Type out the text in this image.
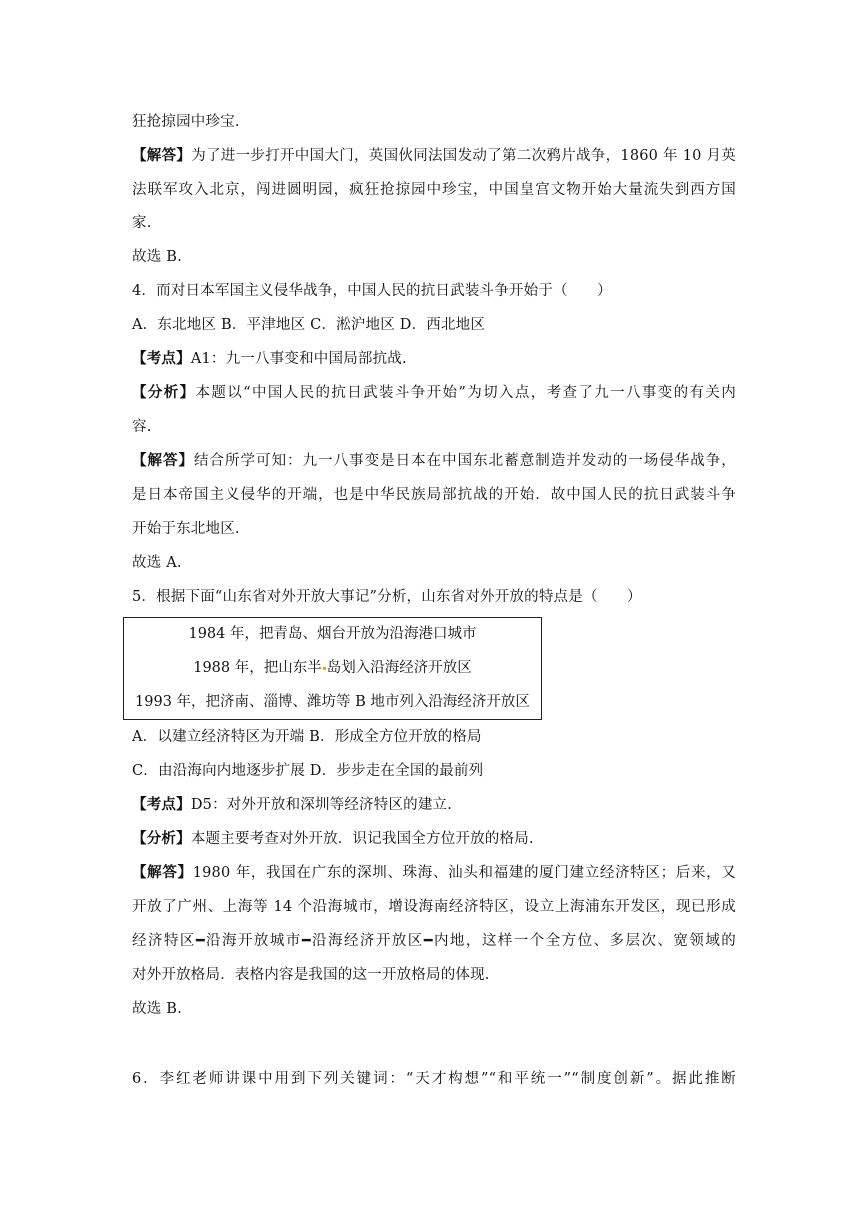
狂抢掠园中珍宝.
【解答】为了进一步打开中国大门，英国伙同法国发动了第二次鸦片战争，1860 年 10 月英
法联军攻入北京，闯进圆明园，疯狂抢掠园中珍宝，中国皇宫文物开始大量流失到西方国
家.
故选 B.
4．而对日本军国主义侵华战争，中国人民的抗日武装斗争开始于（　　）
A．东北地区 B．平津地区 C．淞沪地区 D．西北地区
【考点】A1：九一八事变和中国局部抗战.
【分析】本题以“中国人民的抗日武装斗争开始”为切入点，考查了九一八事变的有关内
容.
【解答】结合所学可知：九一八事变是日本在中国东北蓄意制造并发动的一场侵华战争，
是日本帝国主义侵华的开端，也是中华民族局部抗战的开始．故中国人民的抗日武装斗争
开始于东北地区.
故选 A.
5．根据下面“山东省对外开放大事记”分析，山东省对外开放的特点是（　　）
1984 年，把青岛、烟台开放为沿海港口城市
1988 年，把山东半 岛划入沿海经济开放区
1993 年，把济南、淄博、潍坊等 B 地市列入沿海经济开放区
A．以建立经济特区为开端 B．形成全方位开放的格局
C．由沿海向内地逐步扩展 D．步步走在全国的最前列
【考点】D5：对外开放和深圳等经济特区的建立.
【分析】本题主要考查对外开放．识记我国全方位开放的格局.
【解答】1980 年，我国在广东的深圳、珠海、汕头和福建的厦门建立经济特区；后来，又
开放了广州、上海等 14 个沿海城市，增设海南经济特区，设立上海浦东开发区，现已形成
经济特区━沿海开放城市━沿海经济开放区━内地，这样一个全方位、多层次、宽领域的
对外开放格局．表格内容是我国的这一开放格局的体现.
故选 B.
6．李红老师讲课中用到下列关键词：“天才构想”“和平统一”“制度创新”。据此推断
